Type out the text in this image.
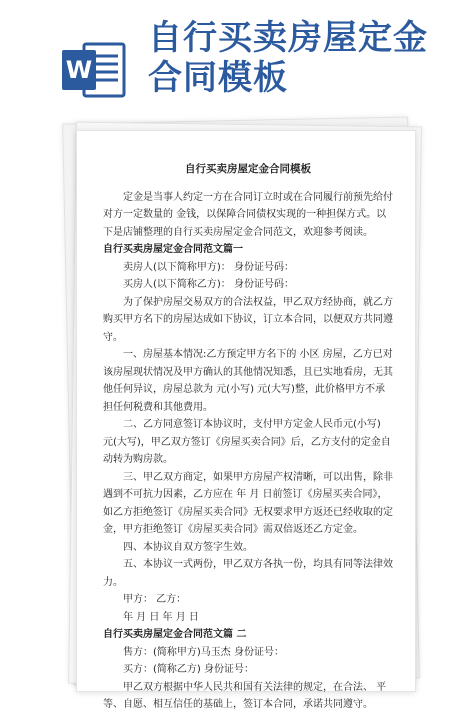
W
自行买卖房屋定金合同模板

自行买卖房屋定金合同模板

定金是当事人约定一方在合同订立时或在合同履行前预先给付对方一定数量的 金钱，以保障合同债权实现的一种担保方式。以下是店铺整理的自行买卖房屋定金合同范文，欢迎参考阅读。

自行买卖房屋定金合同范文篇一

卖房人(以下简称甲方)： 身份证号码：

买房人(以下简称乙方)： 身份证号码：

为了保护房屋交易双方的合法权益，甲乙双方经协商，就乙方购买甲方名下的房屋达成如下协议，订立本合同，以便双方共同遵守。

一、房屋基本情况:乙方预定甲方名下的 小区 房屋，乙方已对该房屋现状情况及甲方确认的其他情况知悉，且已实地看房，无其他任何异议，房屋总款为 元(小写) 元(大写)整，此价格甲方不承担任何税费和其他费用。

二、乙方同意签订本协议时，支付甲方定金人民币元(小写) 元(大写)，甲乙双方签订《房屋买卖合同》后，乙方支付的定金自动转为购房款。

三、甲乙双方商定，如果甲方房屋产权清晰，可以出售，除非遇到不可抗力因素，乙方应在 年 月 日前签订《房屋买卖合同》，如乙方拒绝签订《房屋买卖合同》无权要求甲方返还已经收取的定金，甲方拒绝签订《房屋买卖合同》需双倍返还乙方定金。

四、本协议自双方签字生效。

五、本协议一式两份，甲乙双方各执一份，均具有同等法律效力。

甲方： 乙方：

年 月 日 年 月 日

自行买卖房屋定金合同范文篇 二

售方：(简称甲方)马玉杰 身份证号：

买方：(简称乙方) 身份证号：

甲乙双方根据中华人民共和国有关法律的规定，在合法、 平等、自愿、相互信任的基础上，签订本合同，承诺共同遵守。
